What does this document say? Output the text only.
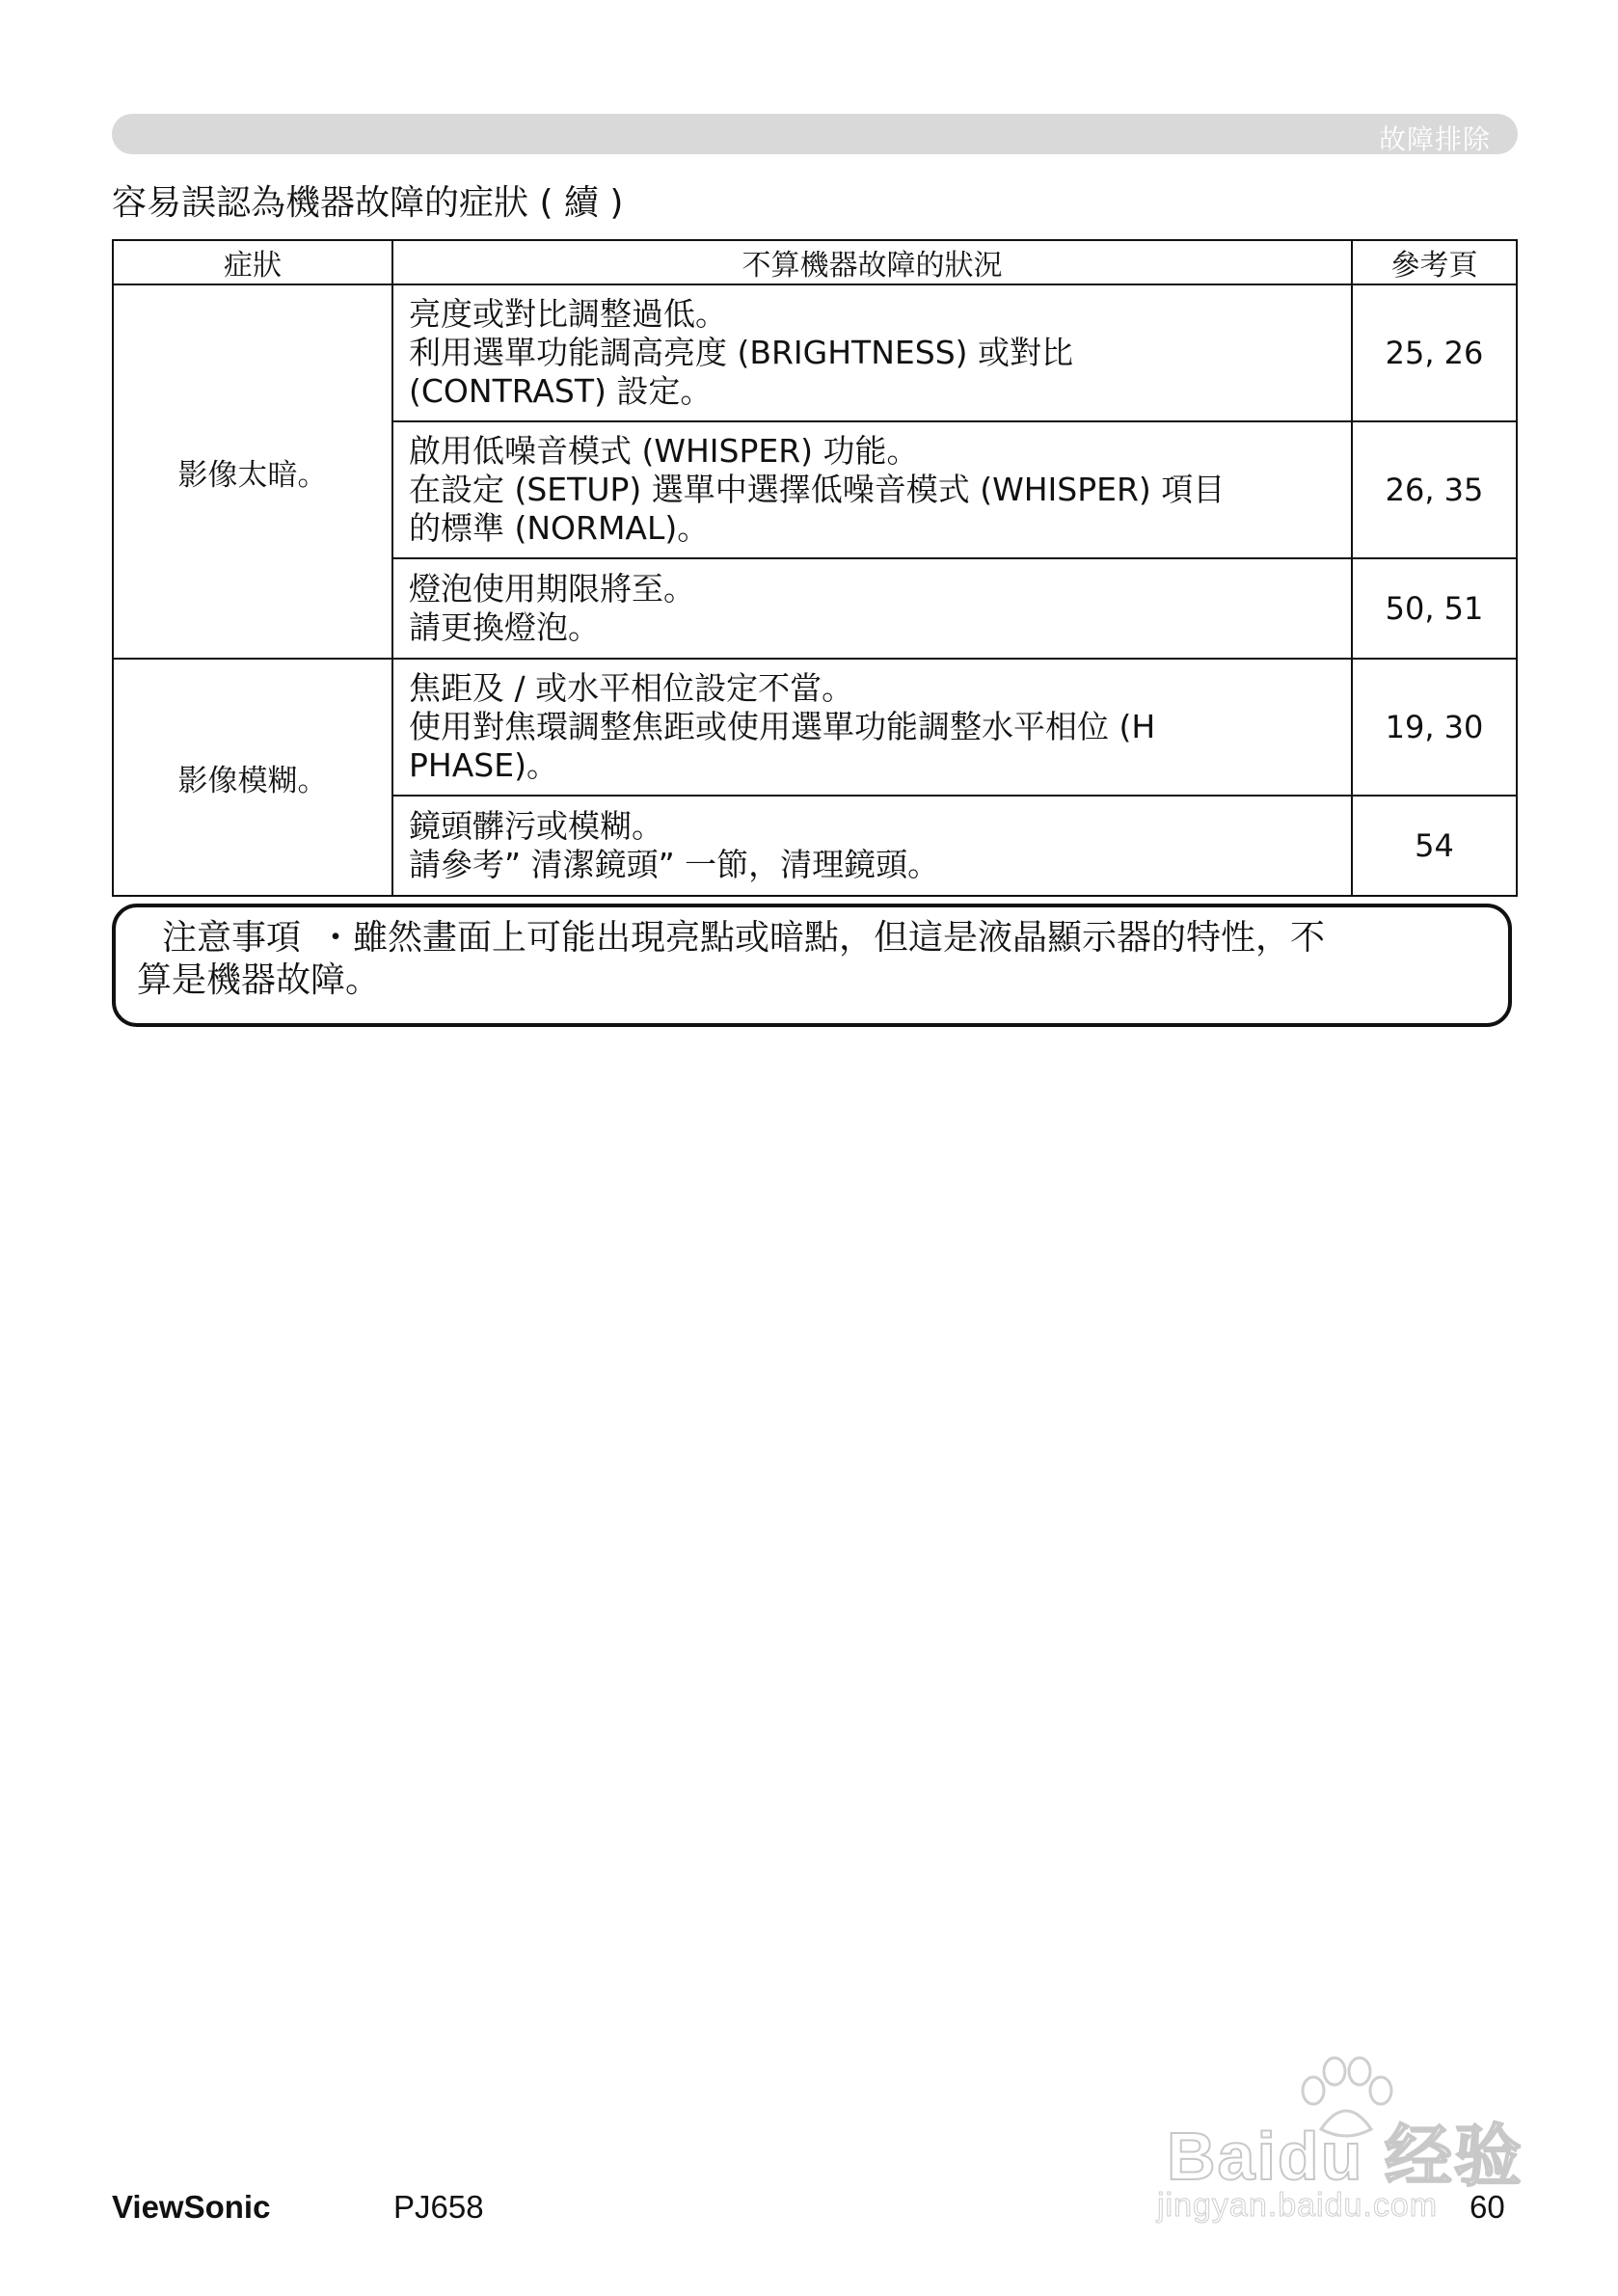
故障排除
容易誤認為機器故障的症狀 ( 續 )
症狀	不算機器故障的狀況	參考頁
影像太暗。	亮度或對比調整過低。
利用選單功能調高亮度 (BRIGHTNESS) 或對比
(CONTRAST) 設定。	25, 26

	啟用低噪音模式 (WHISPER) 功能。
在設定 (SETUP) 選單中選擇低噪音模式 (WHISPER) 項目
的標準 (NORMAL)。	26, 35

	燈泡使用期限將至。
請更換燈泡。	50, 51
影像模糊。	焦距及 / 或水平相位設定不當。
使用對焦環調整焦距或使用選單功能調整水平相位 (H
PHASE)。	19, 30

	鏡頭髒污或模糊。
請參考” 清潔鏡頭” 一節，清理鏡頭。	54
注意事項 ・雖然畫面上可能出現亮點或暗點，但這是液晶顯示器的特性，不
算是機器故障。
Baidu 经验
jingyan.baidu.com
ViewSonic	PJ658	60
